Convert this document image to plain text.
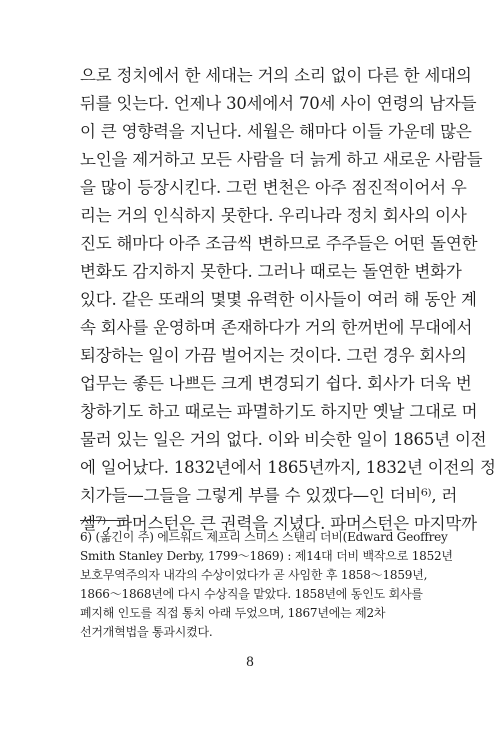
으로 정치에서 한 세대는 거의 소리 없이 다른 한 세대의
뒤를 잇는다. 언제나 30세에서 70세 사이 연령의 남자들
이 큰 영향력을 지닌다. 세월은 해마다 이들 가운데 많은
노인을 제거하고 모든 사람을 더 늙게 하고 새로운 사람들
을 많이 등장시킨다. 그런 변천은 아주 점진적이어서 우
리는 거의 인식하지 못한다. 우리나라 정치 회사의 이사
진도 해마다 아주 조금씩 변하므로 주주들은 어떤 돌연한
변화도 감지하지 못한다. 그러나 때로는 돌연한 변화가
있다. 같은 또래의 몇몇 유력한 이사들이 여러 해 동안 계
속 회사를 운영하며 존재하다가 거의 한꺼번에 무대에서
퇴장하는 일이 가끔 벌어지는 것이다. 그런 경우 회사의
업무는 좋든 나쁘든 크게 변경되기 쉽다. 회사가 더욱 번
창하기도 하고 때로는 파멸하기도 하지만 옛날 그대로 머
물러 있는 일은 거의 없다. 이와 비슷한 일이 1865년 이전
에 일어났다. 1832년에서 1865년까지, 1832년 이전의 정
치가들—그들을 그렇게 부를 수 있겠다—인 더비⁶⁾, 러
셀⁷⁾, 파머스턴은 큰 권력을 지녔다. 파머스턴은 마지막까
6) (옮긴이 주) 에드워드 제프리 스미스 스탠리 더비(Edward Geoffrey
Smith Stanley Derby, 1799～1869) : 제14대 더비 백작으로 1852년
보호무역주의자 내각의 수상이었다가 곧 사임한 후 1858～1859년,
1866～1868년에 다시 수상직을 맡았다. 1858년에 동인도 회사를
폐지해 인도를 직접 통치 아래 두었으며, 1867년에는 제2차
선거개혁법을 통과시켰다.
8
